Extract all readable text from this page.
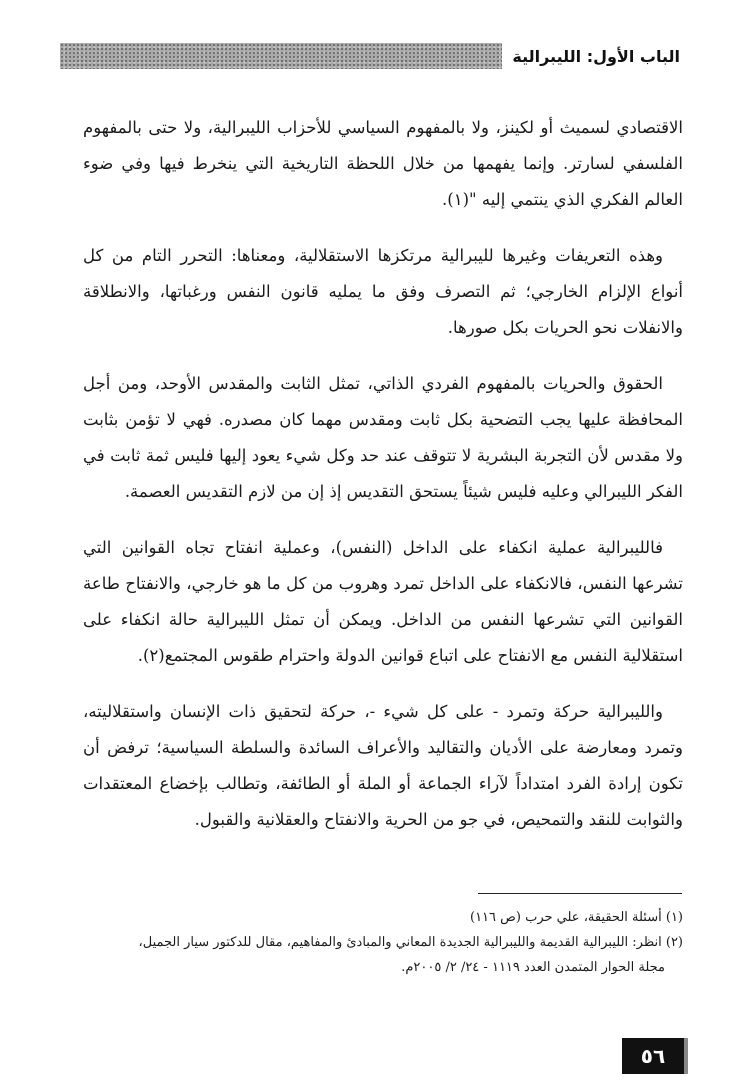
الباب الأول: الليبرالية

الاقتصادي لسميث أو لكينز، ولا بالمفهوم السياسي للأحزاب الليبرالية، ولا حتى بالمفهوم الفلسفي لسارتر. وإنما يفهمها من خلال اللحظة التاريخية التي ينخرط فيها وفي ضوء العالم الفكري الذي ينتمي إليه "(١).

وهذه التعريفات وغيرها لليبرالية مرتكزها الاستقلالية، ومعناها: التحرر التام من كل أنواع الإلزام الخارجي؛ ثم التصرف وفق ما يمليه قانون النفس ورغباتها، والانطلاقة والانفلات نحو الحريات بكل صورها.

الحقوق والحريات بالمفهوم الفردي الذاتي، تمثل الثابت والمقدس الأوحد، ومن أجل المحافظة عليها يجب التضحية بكل ثابت ومقدس مهما كان مصدره. فهي لا تؤمن بثابت ولا مقدس لأن التجربة البشرية لا تتوقف عند حد وكل شيء يعود إليها فليس ثمة ثابت في الفكر الليبرالي وعليه فليس شيئاً يستحق التقديس إذ إن من لازم التقديس العصمة.

فالليبرالية عملية انكفاء على الداخل (النفس)، وعملية انفتاح تجاه القوانين التي تشرعها النفس، فالانكفاء على الداخل تمرد وهروب من كل ما هو خارجي، والانفتاح طاعة القوانين التي تشرعها النفس من الداخل. ويمكن أن تمثل الليبرالية حالة انكفاء على استقلالية النفس مع الانفتاح على اتباع قوانين الدولة واحترام طقوس المجتمع(٢).

والليبرالية حركة وتمرد - على كل شيء -، حركة لتحقيق ذات الإنسان واستقلاليته، وتمرد ومعارضة على الأديان والتقاليد والأعراف السائدة والسلطة السياسية؛ ترفض أن تكون إرادة الفرد امتداداً لآراء الجماعة أو الملة أو الطائفة، وتطالب بإخضاع المعتقدات والثوابت للنقد والتمحيص، في جو من الحرية والانفتاح والعقلانية والقبول.

(١) أسئلة الحقيقة، علي حرب (ص ١١٦)
(٢) انظر: الليبرالية القديمة والليبرالية الجديدة المعاني والمبادئ والمفاهيم، مقال للدكتور سيار الجميل،
مجلة الحوار المتمدن العدد ١١١٩ - ٢٤/ ٢/ ٢٠٠٥م.
٥٦
